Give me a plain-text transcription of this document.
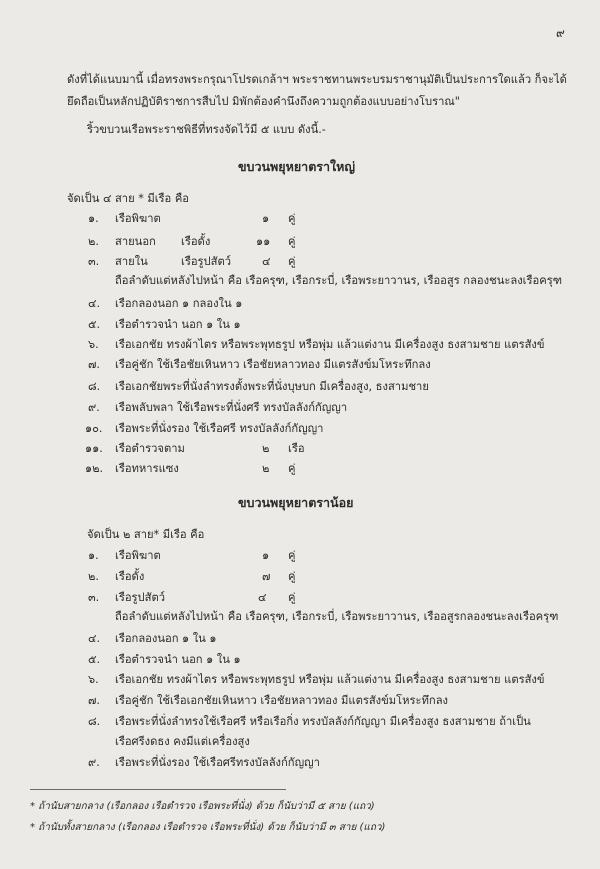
๙
ดังที่ได้แนบมานี้ เมื่อทรงพระกรุณาโปรดเกล้าฯ พระราชทานพระบรมราชานุมัติเป็นประการใดแล้ว ก็จะได้
ยึดถือเป็นหลักปฏิบัติราชการสืบไป มิพักต้องคำนึงถึงความถูกต้องแบบอย่างโบราณ"
ริ้วขบวนเรือพระราชพิธีที่ทรงจัดไว้มี ๕ แบบ ดังนี้.-
ขบวนพยุหยาตราใหญ่
จัดเป็น ๔ สาย * มีเรือ คือ
๑. เรือพิฆาต	๑ คู่
๒. สายนอก เรือดั้ง	๑๑ คู่
๓. สายใน	เรือรูปสัตว์	๔ คู่
ถือลำดับแต่หลังไปหน้า คือ เรือครุฑ, เรือกระบี่, เรือพระยาวานร, เรืออสูร กลองชนะลงเรือครุฑ
๔. เรือกลองนอก ๑ กลองใน ๑
๕. เรือตำรวจนำ นอก ๑ ใน ๑
๖. เรือเอกชัย ทรงผ้าไตร หรือพระพุทธรูป หรือพุ่ม แล้วแต่งาน มีเครื่องสูง ธงสามชาย แตรสังข์
๗. เรือคู่ชัก ใช้เรือชัยเหินหาว เรือชัยหลาวทอง มีแตรสังข์มโหระทึกลง
๘. เรือเอกชัยพระที่นั่งลำทรงตั้งพระที่นั่งบุษบก มีเครื่องสูง, ธงสามชาย
๙. เรือพลับพลา ใช้เรือพระที่นั่งศรี ทรงบัลลังก์กัญญา
๑๐. เรือพระที่นั่งรอง ใช้เรือศรี ทรงบัลลังก์กัญญา
๑๑. เรือตำรวจตาม	๒ เรือ
๑๒. เรือทหารแซง	๒ คู่
ขบวนพยุหยาตราน้อย
จัดเป็น ๒ สาย* มีเรือ คือ
๑. เรือพิฆาต	๑ คู่
๒. เรือดั้ง	๗ คู่
๓. เรือรูปสัตว์	๔ คู่
ถือลำดับแต่หลังไปหน้า คือ เรือครุฑ, เรือกระบี่, เรือพระยาวานร, เรืออสูรกลองชนะลงเรือครุฑ
๔. เรือกลองนอก ๑ ใน ๑
๕. เรือตำรวจนำ นอก ๑ ใน ๑
๖. เรือเอกชัย ทรงผ้าไตร หรือพระพุทธรูป หรือพุ่ม แล้วแต่งาน มีเครื่องสูง ธงสามชาย แตรสังข์
๗. เรือคู่ชัก ใช้เรือเอกชัยเหินหาว เรือชัยหลาวทอง มีแตรสังข์มโหระทึกลง
๘. เรือพระที่นั่งลำทรงใช้เรือศรี หรือเรือกิ่ง ทรงบัลลังก์กัญญา มีเครื่องสูง ธงสามชาย ถ้าเป็น
เรือศรีงดธง คงมีแต่เครื่องสูง
๙. เรือพระที่นั่งรอง ใช้เรือศรีทรงบัลลังก์กัญญา
* ถ้านับสายกลาง (เรือกลอง เรือตำรวจ เรือพระที่นั่ง) ด้วย ก็นับว่ามี ๕ สาย (แถว)
* ถ้านับทั้งสายกลาง (เรือกลอง เรือตำรวจ เรือพระที่นั่ง) ด้วย ก็นับว่ามี ๓ สาย (แถว)
